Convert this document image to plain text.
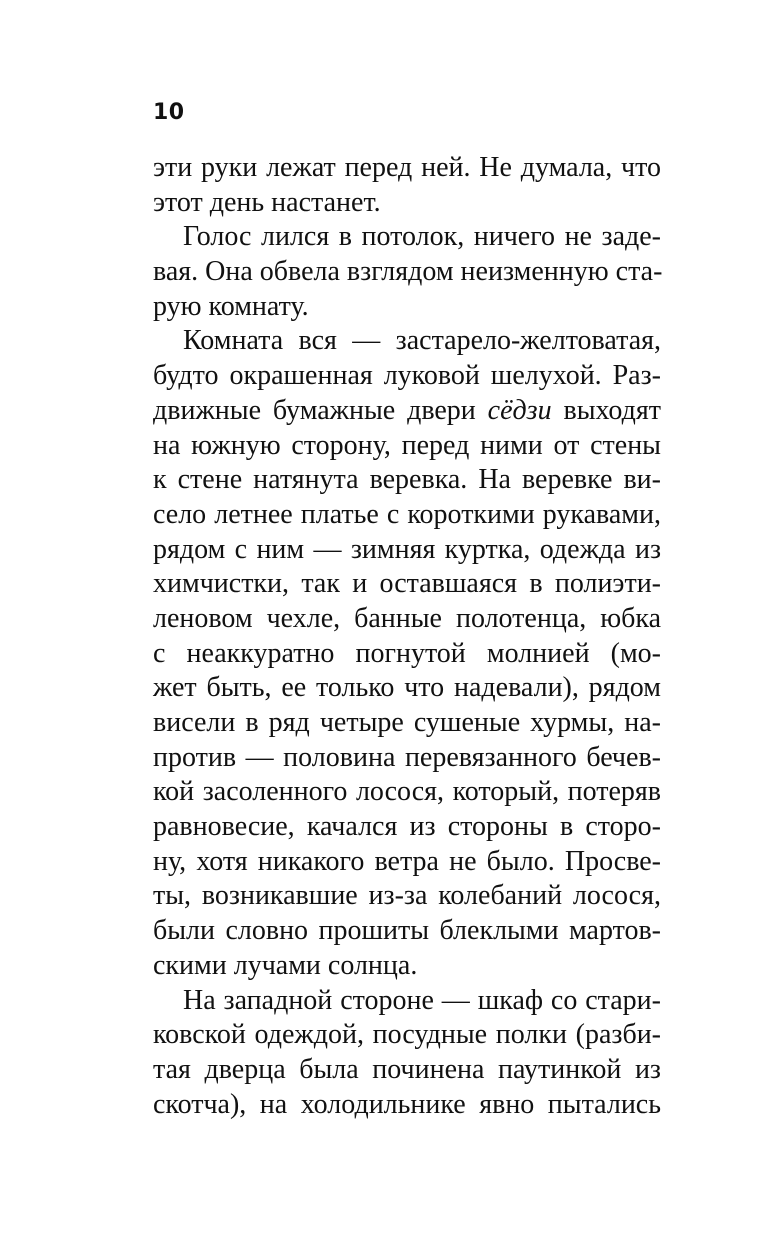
10
эти руки лежат перед ней. Не думала, что
этот день настанет.
Голос лился в потолок, ничего не заде-
вая. Она обвела взглядом неизменную ста-
рую комнату.
Комната вся — застарело-желтоватая,
будто окрашенная луковой шелухой. Раз-
движные бумажные двери сёдзи выходят
на южную сторону, перед ними от стены
к стене натянута веревка. На веревке ви-
село летнее платье с короткими рукавами,
рядом с ним — зимняя куртка, одежда из
химчистки, так и оставшаяся в полиэти-
леновом чехле, банные полотенца, юбка
с неаккуратно погнутой молнией (мо-
жет быть, ее только что надевали), рядом
висели в ряд четыре сушеные хурмы, на-
против — половина перевязанного бечев-
кой засоленного лосося, который, потеряв
равновесие, качался из стороны в сторо-
ну, хотя никакого ветра не было. Просве-
ты, возникавшие из-за колебаний лосося,
были словно прошиты блеклыми мартов-
скими лучами солнца.
На западной стороне — шкаф со стари-
ковской одеждой, посудные полки (разби-
тая дверца была починена паутинкой из
скотча), на холодильнике явно пытались
